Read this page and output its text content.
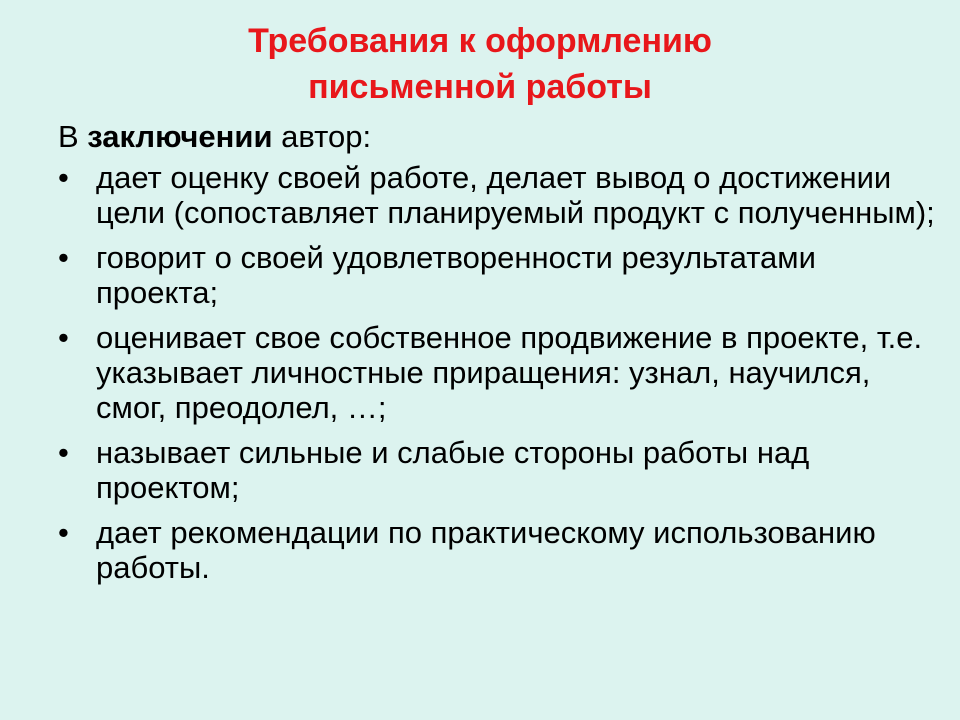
Требования к оформлению
письменной работы
В заключении автор:
• дает оценку своей работе, делает вывод о достижении цели (сопоставляет планируемый продукт с полученным);
• говорит о своей удовлетворенности результатами проекта;
• оценивает свое собственное продвижение в проекте, т.е. указывает личностные приращения: узнал, научился, смог, преодолел, …;
• называет сильные и слабые стороны работы над проектом;
• дает рекомендации по практическому использованию работы.
